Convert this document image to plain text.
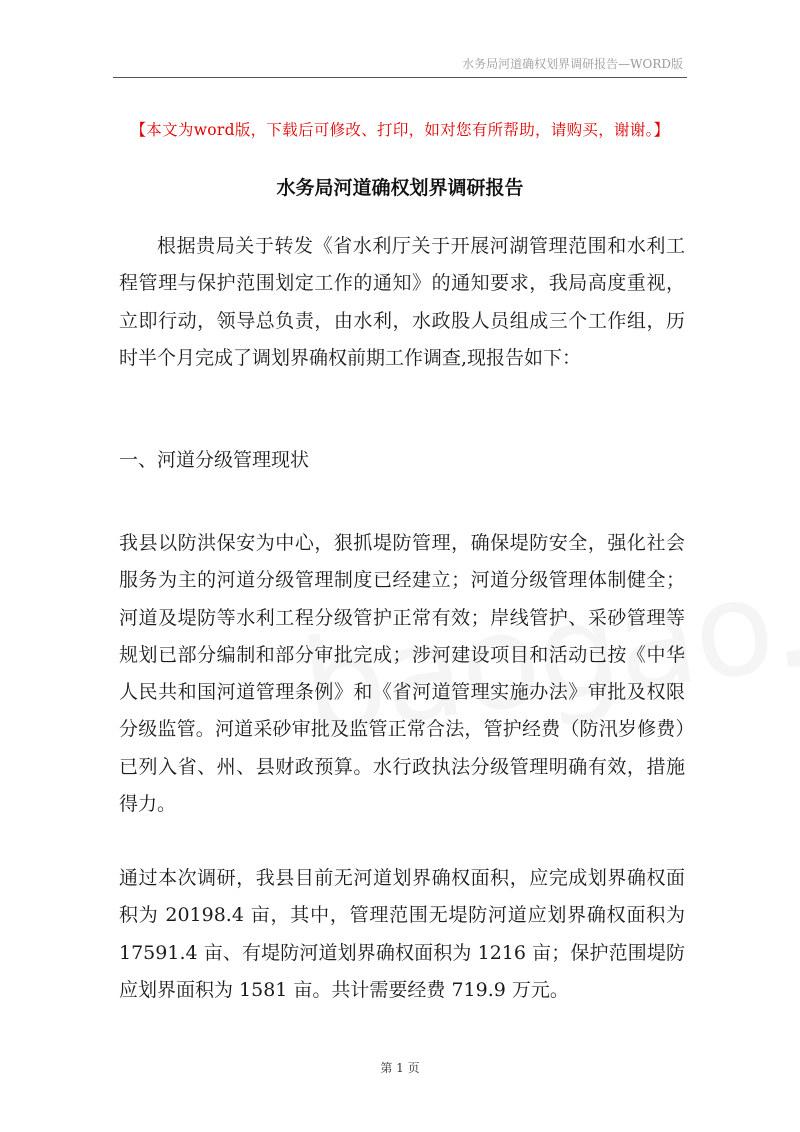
水务局河道确权划界调研报告—WORD版
【本文为word版，下载后可修改、打印，如对您有所帮助，请购买，谢谢。】
水务局河道确权划界调研报告

根据贵局关于转发《省水利厅关于开展河湖管理范围和水利工程管理与保护范围划定工作的通知》的通知要求，我局高度重视，立即行动，领导总负责，由水利，水政股人员组成三个工作组，历时半个月完成了调划界确权前期工作调查,现报告如下：

一、河道分级管理现状

我县以防洪保安为中心，狠抓堤防管理，确保堤防安全，强化社会服务为主的河道分级管理制度已经建立；河道分级管理体制健全；河道及堤防等水利工程分级管护正常有效；岸线管护、采砂管理等规划已部分编制和部分审批完成；涉河建设项目和活动已按《中华人民共和国河道管理条例》和《省河道管理实施办法》审批及权限分级监管。河道采砂审批及监管正常合法，管护经费（防汛岁修费）已列入省、州、县财政预算。水行政执法分级管理明确有效，措施得力。

通过本次调研，我县目前无河道划界确权面积，应完成划界确权面积为 20198.4 亩，其中，管理范围无堤防河道应划界确权面积为 17591.4 亩、有堤防河道划界确权面积为 1216 亩；保护范围堤防应划界面积为 1581 亩。共计需要经费 719.9 万元。

第 1 页
